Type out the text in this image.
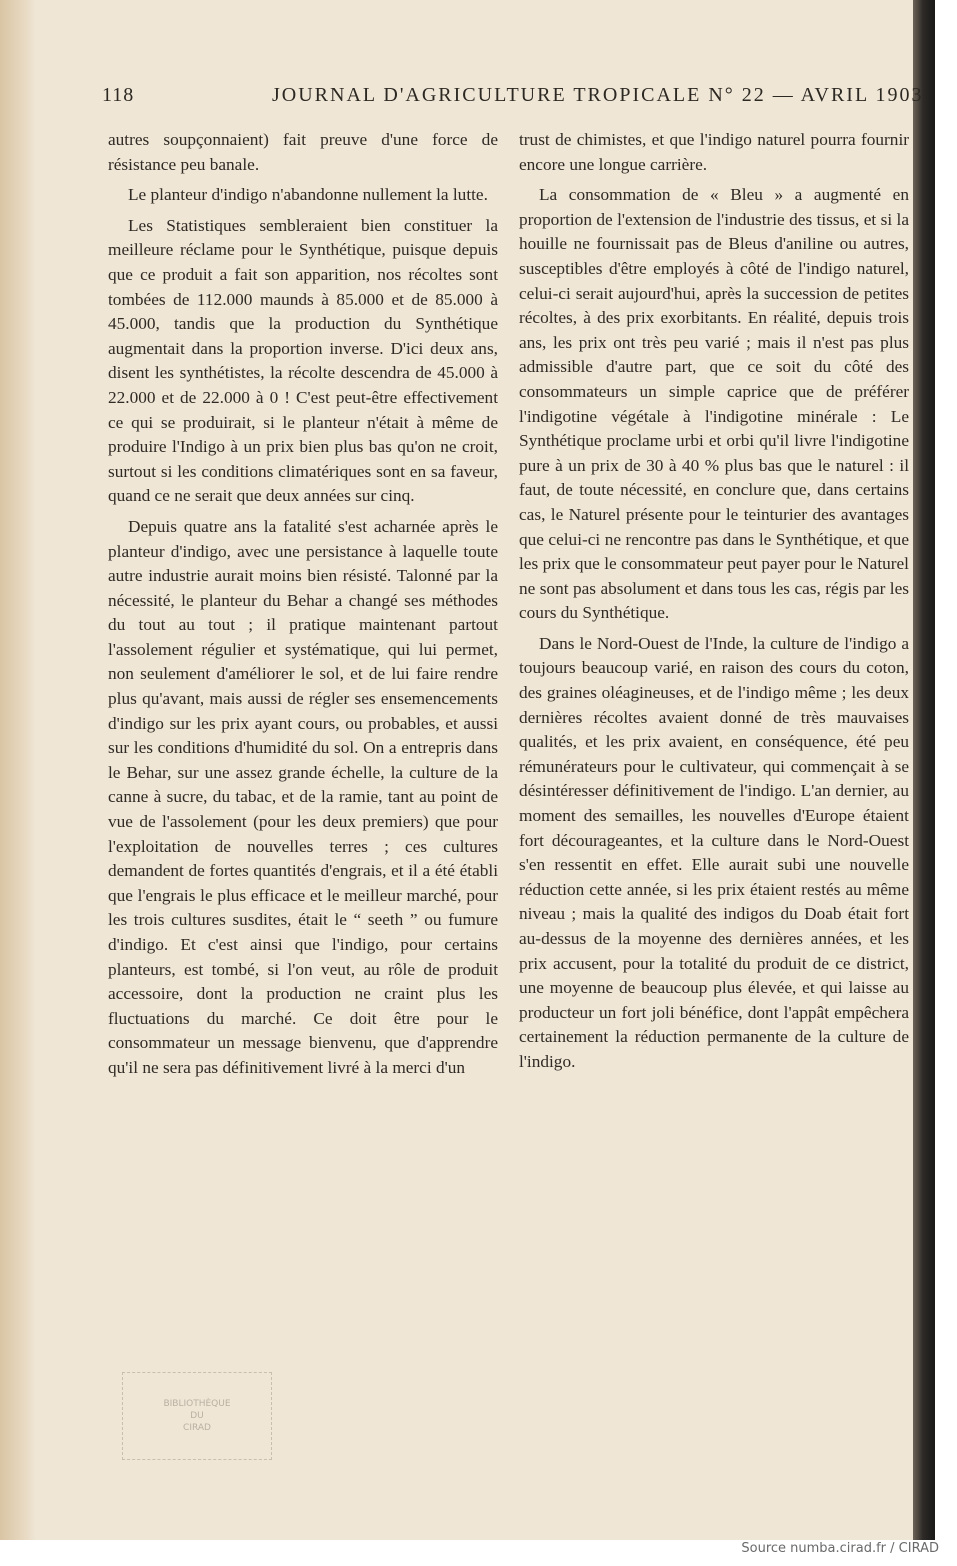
118	JOURNAL D'AGRICULTURE TROPICALE N° 22 — AVRIL 1903

autres soupçonnaient) fait preuve d'une force de résistance peu banale.

Le planteur d'indigo n'abandonne nullement la lutte.

Les Statistiques sembleraient bien constituer la meilleure réclame pour le Synthétique, puisque depuis que ce produit a fait son apparition, nos récoltes sont tombées de 112.000 maunds à 85.000 et de 85.000 à 45.000, tandis que la production du Synthétique augmentait dans la proportion inverse. D'ici deux ans, disent les synthétistes, la récolte descendra de 45.000 à 22.000 et de 22.000 à 0 ! C'est peut-être effectivement ce qui se produirait, si le planteur n'était à même de produire l'Indigo à un prix bien plus bas qu'on ne croit, surtout si les conditions climatériques sont en sa faveur, quand ce ne serait que deux années sur cinq.

Depuis quatre ans la fatalité s'est acharnée après le planteur d'indigo, avec une persistance à laquelle toute autre industrie aurait moins bien résisté. Talonné par la nécessité, le planteur du Behar a changé ses méthodes du tout au tout ; il pratique maintenant partout l'assolement régulier et systématique, qui lui permet, non seulement d'améliorer le sol, et de lui faire rendre plus qu'avant, mais aussi de régler ses ensemencements d'indigo sur les prix ayant cours, ou probables, et aussi sur les conditions d'humidité du sol. On a entrepris dans le Behar, sur une assez grande échelle, la culture de la canne à sucre, du tabac, et de la ramie, tant au point de vue de l'assolement (pour les deux premiers) que pour l'exploitation de nouvelles terres ; ces cultures demandent de fortes quantités d'engrais, et il a été établi que l'engrais le plus efficace et le meilleur marché, pour les trois cultures susdites, était le “ seeth ” ou fumure d'indigo. Et c'est ainsi que l'indigo, pour certains planteurs, est tombé, si l'on veut, au rôle de produit accessoire, dont la production ne craint plus les fluctuations du marché. Ce doit être pour le consommateur un message bienvenu, que d'apprendre qu'il ne sera pas définitivement livré à la merci d'un

trust de chimistes, et que l'indigo naturel pourra fournir encore une longue carrière.

La consommation de « Bleu » a augmenté en proportion de l'extension de l'industrie des tissus, et si la houille ne fournissait pas de Bleus d'aniline ou autres, susceptibles d'être employés à côté de l'indigo naturel, celui-ci serait aujourd'hui, après la succession de petites récoltes, à des prix exorbitants. En réalité, depuis trois ans, les prix ont très peu varié ; mais il n'est pas plus admissible d'autre part, que ce soit du côté des consommateurs un simple caprice que de préférer l'indigotine végétale à l'indigotine minérale : Le Synthétique proclame urbi et orbi qu'il livre l'indigotine pure à un prix de 30 à 40 % plus bas que le naturel : il faut, de toute nécessité, en conclure que, dans certains cas, le Naturel présente pour le teinturier des avantages que celui-ci ne rencontre pas dans le Synthétique, et que les prix que le consommateur peut payer pour le Naturel ne sont pas absolument et dans tous les cas, régis par les cours du Synthétique.

Dans le Nord-Ouest de l'Inde, la culture de l'indigo a toujours beaucoup varié, en raison des cours du coton, des graines oléagineuses, et de l'indigo même ; les deux dernières récoltes avaient donné de très mauvaises qualités, et les prix avaient, en conséquence, été peu rémunérateurs pour le cultivateur, qui commençait à se désintéresser définitivement de l'indigo. L'an dernier, au moment des semailles, les nouvelles d'Europe étaient fort décourageantes, et la culture dans le Nord-Ouest s'en ressentit en effet. Elle aurait subi une nouvelle réduction cette année, si les prix étaient restés au même niveau ; mais la qualité des indigos du Doab était fort au-dessus de la moyenne des dernières années, et les prix accusent, pour la totalité du produit de ce district, une moyenne de beaucoup plus élevée, et qui laisse au producteur un fort joli bénéfice, dont l'appât empêchera certainement la réduction permanente de la culture de l'indigo.

BIBLIOTHÈQUE
DU
CIRAD
Source numba.cirad.fr / CIRAD
